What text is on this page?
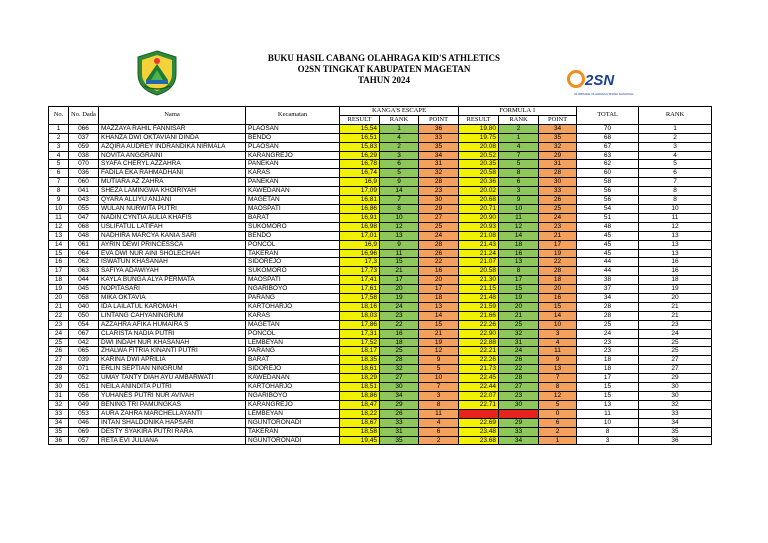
2SN
OLIMPIADE OLAHRAGA SISWA NASIONAL
BUKU HASIL CABANG OLAHRAGA KID'S ATHLETICS
O2SN TINGKAT KABUPATEN MAGETAN
TAHUN 2024
No.	No. Dada	Nama	Kecamatan	KANGA'S ESCAPE			FORMULA 1			TOTAL	RANK
				RESULT	RANK	POINT	RESULT	RANK	POINT		
1	066	MAZZAYA RAHIL FANNISAR	PLAOSAN	15,54	1	36	19.80	2	34	70	1
2	037	KHANZA DWI OKTAVIANI DINDA	BENDO	16,51	4	33	19.75	1	35	68	2
3	059	AZQIRA AUDREY INDRANDIKA NIRMALA	PLAOSAN	15,83	2	35	20.08	4	32	67	3
4	038	NOVITA ANGGRAINI	KARANGREJO	16,29	3	34	20.52	7	29	63	4
5	070	SYAFA CHERYL AZZAHRA	PANEKAN	16,78	6	31	20.35	5	31	62	5
6	036	FADILA EKA RAHMADHANI	KARAS	16,74	5	32	20.58	8	28	60	6
7	060	MUTIARA AZ ZAHRA	PANEKAN	16,9	9	28	20.36	6	30	58	7
8	041	SHEZA LAMINGWA KHOIRIYAH	KAWEDANAN	17,09	14	23	20.02	3	33	56	8
9	043	QYARA ALLIYU ANJANI	MAGETAN	16,81	7	30	20.68	9	26	56	8
10	055	WULAN NURWITA PUTRI	MAOSPATI	16,86	8	29	20.71	10	25	54	10
11	047	NADIN CYNTIA AULIA KHAFIS	BARAT	16,91	10	27	20.90	11	24	51	11
12	068	USLIFATUL LATIFAH	SUKOMORO	16,98	12	25	20.93	12	23	48	12
13	048	NADHIRA MARCYA KANIA SARI	BENDO	17,01	13	24	21.08	14	21	45	13
14	061	AYRIN DEWI PRINCESSCA	PONCOL	16,9	9	28	21.43	18	17	45	13
15	064	EVA DWI NUR AINI SHOLECHAH	TAKERAN	16,96	11	26	21.24	16	19	45	13
16	062	ISWATUN KHASANAH	SIDOREJO	17,3	15	22	21.07	13	22	44	16
17	063	SAFIYA ADAWIYAH	SUKOMORO	17,73	21	16	20.58	8	28	44	16
18	044	KAYLA BUNGA ALYA PERMATA	MAOSPATI	17,41	17	20	21.30	17	18	38	18
19	045	NOPITASARI	NGARIBOYO	17,61	20	17	21.15	15	20	37	19
20	058	MIKA OKTAVIA	PARANG	17,58	19	18	21.48	19	16	34	20
21	040	IDA LAILATUL KAROMAH	KARTOHARJO	18,16	24	13	21.59	20	15	28	21
22	050	LINTANG CAHYANINGRUM	KARAS	18,03	23	14	21.66	21	14	28	21
23	054	AZZAHRA AFIKA HUMAIRA S	MAGETAN	17,86	22	15	22.26	25	10	25	23
24	067	CLARISTA NADIA PUTRI	PONCOL	17,31	16	21	22.90	32	3	24	24
25	042	DWI INDAH NUR KHASANAH	LEMBEYAN	17,52	18	19	22.88	31	4	23	25
26	065	ZHALWA FITRIA KINANTI PUTRI	PARANG	18,17	25	12	22.21	24	11	23	25
27	039	KARINA DWI APRILIA	BARAT	18,35	28	9	22.26	26	9	18	27
28	071	ERLIN SEPTIAN NINGRUM	SIDOREJO	18,61	32	5	21.73	22	13	18	27
29	052	UMAY TANTY DIAH AYU AMBARWATI	KAWEDANAN	18,29	27	10	22.45	28	7	17	29
30	051	NEILA ANINDITA PUTRI	KARTOHARJO	18,51	30	7	22.44	27	8	15	30
31	056	YUHANES PUTRI NUR AVIVAH	NGARIBOYO	18,86	34	3	22.07	23	12	15	30
32	049	BENING TRI PAMUNGKAS	KARANGREJO	18,47	29	8	22.71	30	5	13	32
33	053	AURA ZAHRA MARCHELLAYANTI	LEMBEYAN	18,22	26	11			0	11	33
34	046	INTAN SHALDONIKA HAPSARI	NGUNTORONADI	18,67	33	4	22.69	29	6	10	34
35	069	DESTY SYAKIRA PUTRI RARA	TAKERAN	18,58	31	6	23.48	33	2	8	35
36	057	RETA EVI JULIANA	NGUNTORONADI	19,45	35	2	23.68	34	1	3	36
